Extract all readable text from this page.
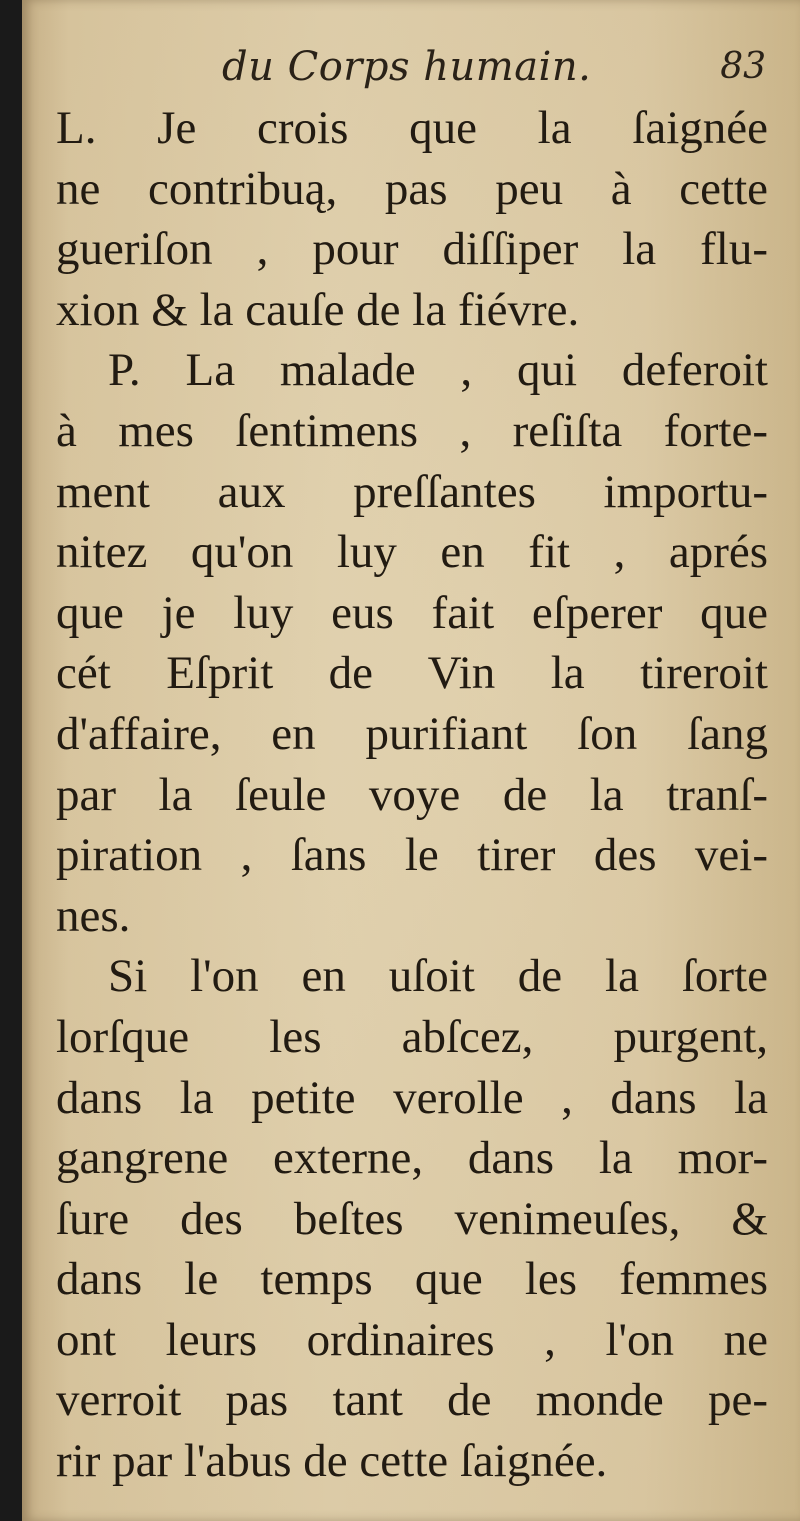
du Corps humain.	83
L. Je crois que la ſaignée
ne contribuą, pas peu à cette
gueriſon , pour diſſiper la flu-
xion & la cauſe de la fiévre.
P. La malade , qui deferoit
à mes ſentimens , reſiſta forte-
ment aux preſſantes importu-
nitez qu'on luy en fit , aprés
que je luy eus fait eſperer que
cét Eſprit de Vin la tireroit
d'affaire, en purifiant ſon ſang
par la ſeule voye de la tranſ-
piration , ſans le tirer des vei-
nes.
Si l'on en uſoit de la ſorte
lorſque les abſcez, purgent,
dans la petite verolle , dans la
gangrene externe, dans la mor-
ſure des beſtes venimeuſes, &
dans le temps que les femmes
ont leurs ordinaires , l'on ne
verroit pas tant de monde pe-
rir par l'abus de cette ſaignée.
